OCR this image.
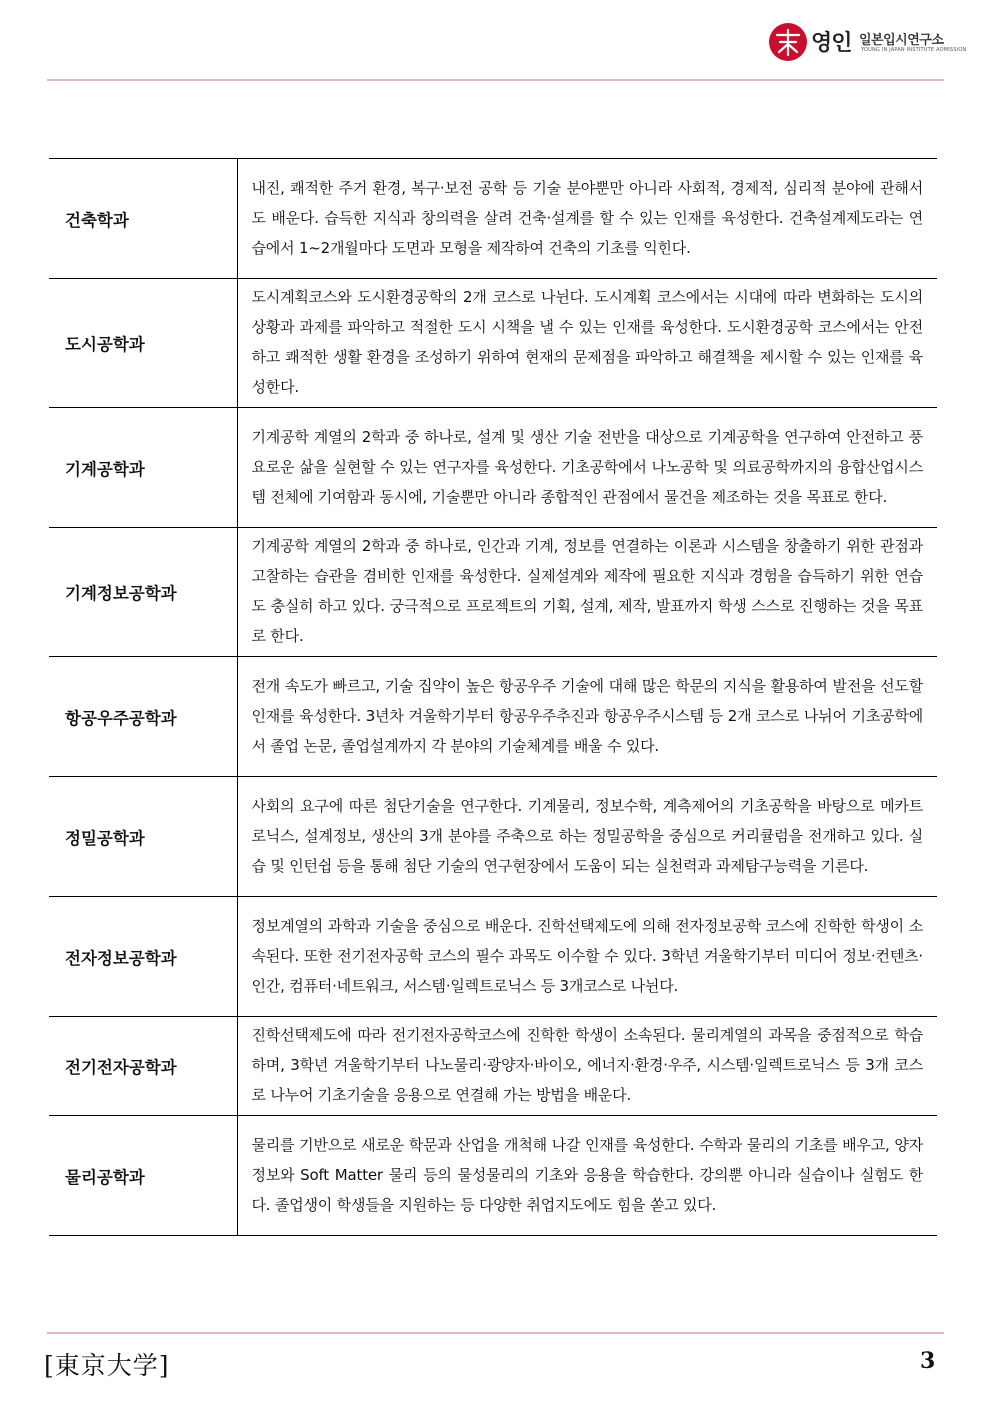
영인 일본입시연구소
YOUNG IN JAPAN INSTITUTE ADMISSION
건축학과	내진, 쾌적한 주거 환경, 복구·보전 공학 등 기술 분야뿐만 아니라 사회적, 경제적, 심리적 분야에 관해서도 배운다. 습득한 지식과 창의력을 살려 건축·설계를 할 수 있는 인재를 육성한다. 건축설계제도라는 연습에서 1~2개월마다 도면과 모형을 제작하여 건축의 기초를 익힌다.
도시공학과	도시계획코스와 도시환경공학의 2개 코스로 나뉜다. 도시계획 코스에서는 시대에 따라 변화하는 도시의 상황과 과제를 파악하고 적절한 도시 시책을 낼 수 있는 인재를 육성한다. 도시환경공학 코스에서는 안전하고 쾌적한 생활 환경을 조성하기 위하여 현재의 문제점을 파악하고 해결책을 제시할 수 있는 인재를 육성한다.
기계공학과	기계공학 계열의 2학과 중 하나로, 설계 및 생산 기술 전반을 대상으로 기계공학을 연구하여 안전하고 풍요로운 삶을 실현할 수 있는 연구자를 육성한다. 기초공학에서 나노공학 및 의료공학까지의 융합산업시스템 전체에 기여함과 동시에, 기술뿐만 아니라 종합적인 관점에서 물건을 제조하는 것을 목표로 한다.
기계정보공학과	기계공학 계열의 2학과 중 하나로, 인간과 기계, 정보를 연결하는 이론과 시스템을 창출하기 위한 관점과 고찰하는 습관을 겸비한 인재를 육성한다. 실제설계와 제작에 필요한 지식과 경험을 습득하기 위한 연습도 충실히 하고 있다. 궁극적으로 프로젝트의 기획, 설계, 제작, 발표까지 학생 스스로 진행하는 것을 목표로 한다.
항공우주공학과	전개 속도가 빠르고, 기술 집약이 높은 항공우주 기술에 대해 많은 학문의 지식을 활용하여 발전을 선도할 인재를 육성한다. 3년차 겨울학기부터 항공우주추진과 항공우주시스템 등 2개 코스로 나뉘어 기초공학에서 졸업 논문, 졸업설계까지 각 분야의 기술체계를 배울 수 있다.
정밀공학과	사회의 요구에 따른 첨단기술을 연구한다. 기계물리, 정보수학, 계측제어의 기초공학을 바탕으로 메카트로닉스, 설계정보, 생산의 3개 분야를 주축으로 하는 정밀공학을 중심으로 커리큘럼을 전개하고 있다. 실습 및 인턴쉽 등을 통해 첨단 기술의 연구현장에서 도움이 되는 실천력과 과제탐구능력을 기른다.
전자정보공학과	정보계열의 과학과 기술을 중심으로 배운다. 진학선택제도에 의해 전자정보공학 코스에 진학한 학생이 소속된다. 또한 전기전자공학 코스의 필수 과목도 이수할 수 있다. 3학년 겨울학기부터 미디어 정보·컨텐츠·인간, 컴퓨터·네트워크, 서스템·일렉트로닉스 등 3개코스로 나뉜다.
전기전자공학과	진학선택제도에 따라 전기전자공학코스에 진학한 학생이 소속된다. 물리계열의 과목을 중점적으로 학습하며, 3학년 겨울학기부터 나노물리·광양자·바이오, 에너지·환경·우주, 시스템·일렉트로닉스 등 3개 코스로 나누어 기초기술을 응용으로 연결해 가는 방법을 배운다.
물리공학과	물리를 기반으로 새로운 학문과 산업을 개척해 나갈 인재를 육성한다. 수학과 물리의 기초를 배우고, 양자 정보와 Soft Matter 물리 등의 물성물리의 기초와 응용을 학습한다. 강의뿐 아니라 실습이나 실험도 한다. 졸업생이 학생들을 지원하는 등 다양한 취업지도에도 힘을 쏟고 있다.
[東京大学]	3
